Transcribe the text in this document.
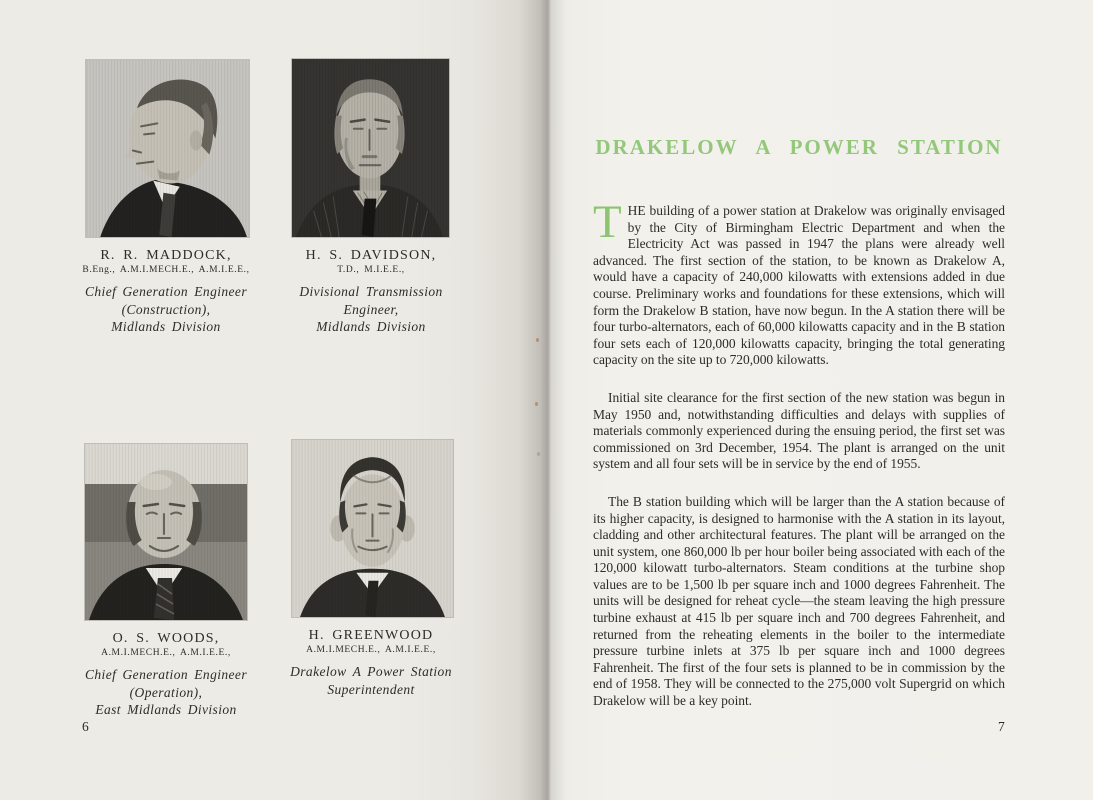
R. R. MADDOCK,
B.Eng., A.M.I.MECH.E., A.M.I.E.E.,
Chief Generation Engineer
(Construction),
Midlands Division
H. S. DAVIDSON,
T.D., M.I.E.E.,
Divisional Transmission
Engineer,
Midlands Division
O. S. WOODS,
A.M.I.MECH.E., A.M.I.E.E.,
Chief Generation Engineer
(Operation),
East Midlands Division
H. GREENWOOD
A.M.I.MECH.E., A.M.I.E.E.,
Drakelow A Power Station
Superintendent
6
DRAKELOW A POWER STATION

THE building of a power station at Drakelow was originally envisaged by the City of Birmingham Electric Department and when the Electricity Act was passed in 1947 the plans were already well advanced. The first section of the station, to be known as Drakelow A, would have a capacity of 240,000 kilowatts with extensions added in due course. Preliminary works and foundations for these extensions, which will form the Drakelow B station, have now begun. In the A station there will be four turbo-alternators, each of 60,000 kilowatts capacity and in the B station four sets each of 120,000 kilowatts capacity, bringing the total generating capacity on the site up to 720,000 kilowatts.

Initial site clearance for the first section of the new station was begun in May 1950 and, notwithstanding difficulties and delays with supplies of materials commonly experienced during the ensuing period, the first set was commissioned on 3rd December, 1954. The plant is arranged on the unit system and all four sets will be in service by the end of 1955.

The B station building which will be larger than the A station because of its higher capacity, is designed to harmonise with the A station in its layout, cladding and other architectural features. The plant will be arranged on the unit system, one 860,000 lb per hour boiler being associated with each of the 120,000 kilowatt turbo-alternators. Steam conditions at the turbine shop values are to be 1,500 lb per square inch and 1000 degrees Fahrenheit. The units will be designed for reheat cycle—the steam leaving the high pressure turbine exhaust at 415 lb per square inch and 700 degrees Fahrenheit, and returned from the reheating elements in the boiler to the intermediate pressure turbine inlets at 375 lb per square inch and 1000 degrees Fahrenheit. The first of the four sets is planned to be in commission by the end of 1958. They will be connected to the 275,000 volt Supergrid on which Drakelow will be a key point.

7
